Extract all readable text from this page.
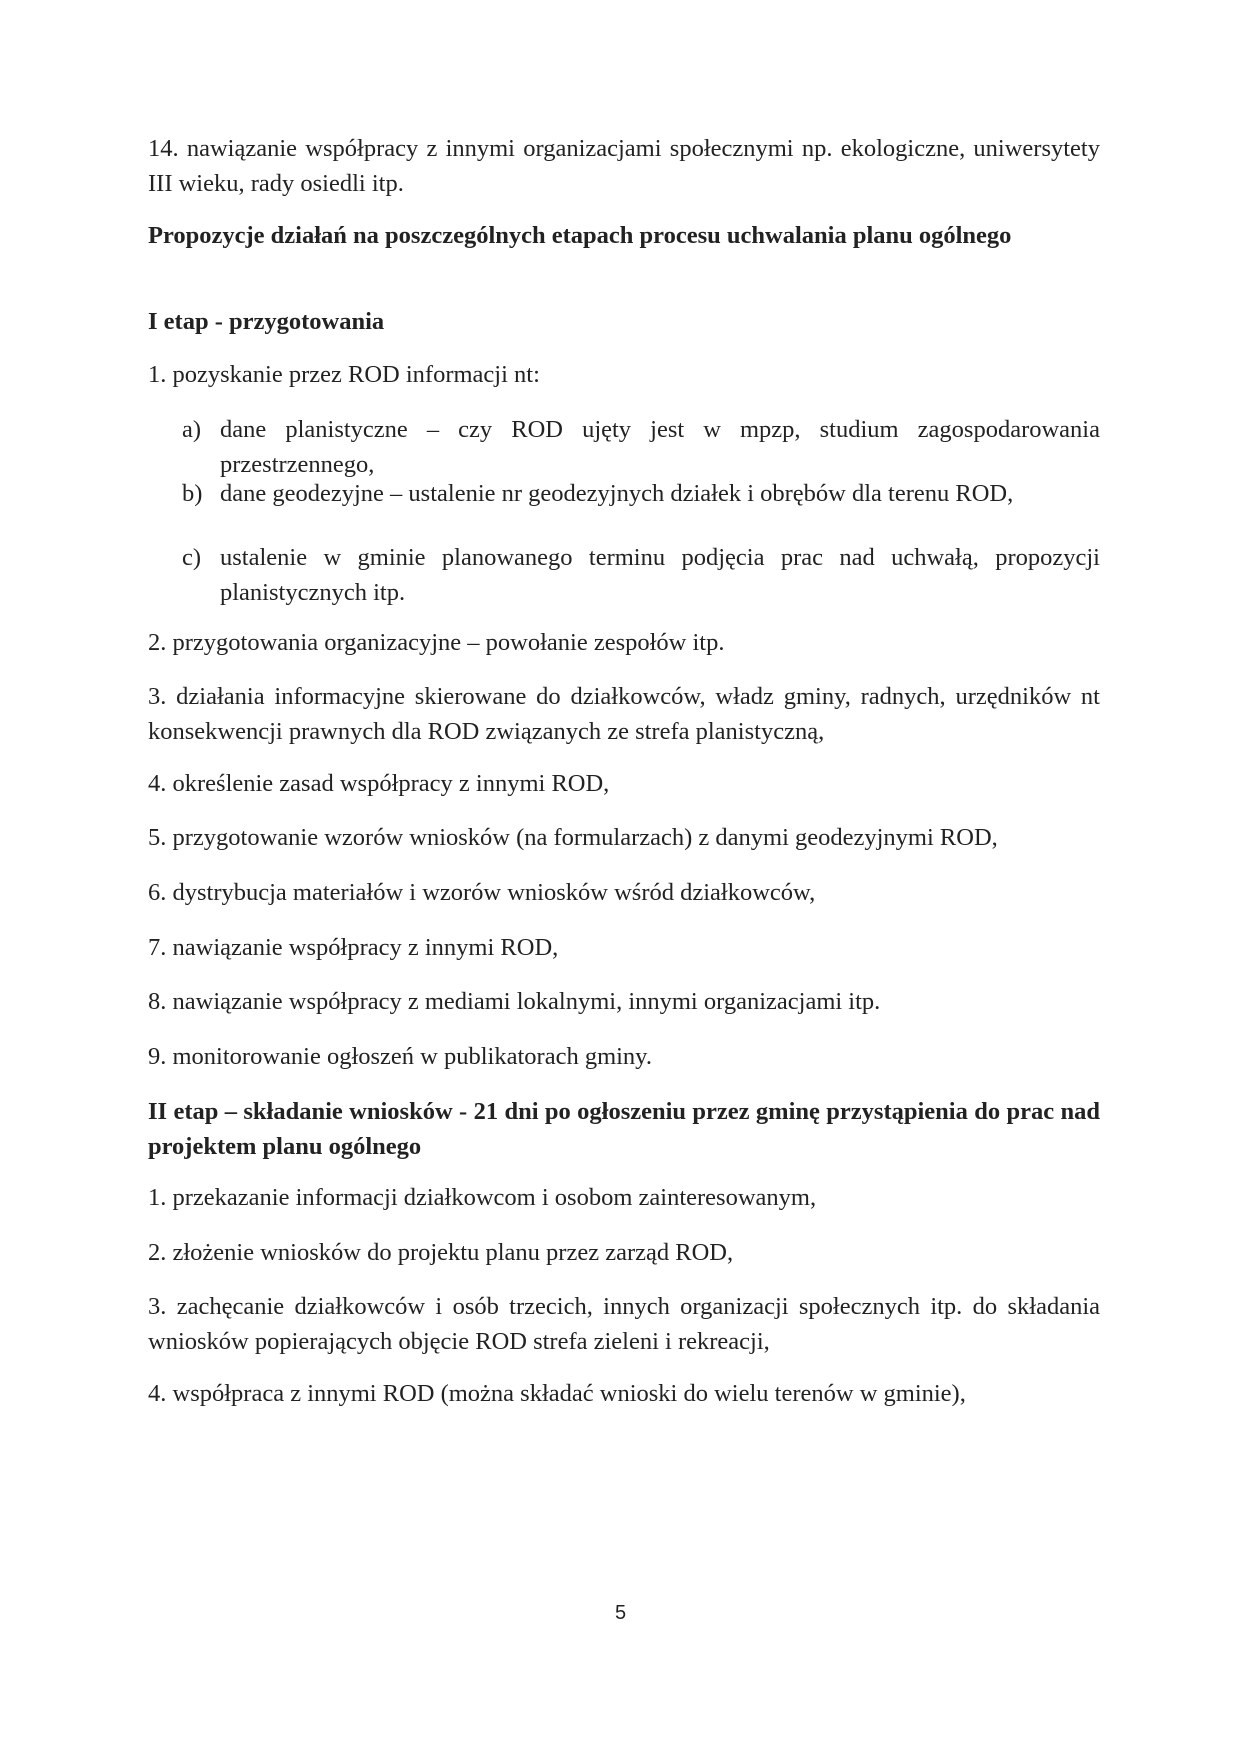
14. nawiązanie współpracy z innymi organizacjami społecznymi np. ekologiczne, uniwersytety III wieku, rady osiedli itp.

Propozycje działań na poszczególnych etapach procesu uchwalania planu ogólnego

I etap - przygotowania

1. pozyskanie przez ROD informacji nt:

a) dane planistyczne – czy ROD ujęty jest w mpzp, studium zagospodarowania przestrzennego,
b) dane geodezyjne – ustalenie nr geodezyjnych działek i obrębów dla terenu ROD,
c) ustalenie w gminie planowanego terminu podjęcia prac nad uchwałą, propozycji planistycznych itp.

2. przygotowania organizacyjne – powołanie zespołów itp.

3. działania informacyjne skierowane do działkowców, władz gminy, radnych, urzędników nt konsekwencji prawnych dla ROD związanych ze strefa planistyczną,

4. określenie zasad współpracy z innymi ROD,

5. przygotowanie wzorów wniosków (na formularzach) z danymi geodezyjnymi ROD,

6. dystrybucja materiałów i wzorów wniosków wśród działkowców,

7. nawiązanie współpracy z innymi ROD,

8. nawiązanie współpracy z mediami lokalnymi, innymi organizacjami itp.

9. monitorowanie ogłoszeń w publikatorach gminy.

II etap – składanie wniosków - 21 dni po ogłoszeniu przez gminę przystąpienia do prac nad projektem planu ogólnego

1. przekazanie informacji działkowcom i osobom zainteresowanym,

2. złożenie wniosków do projektu planu przez zarząd ROD,

3. zachęcanie działkowców i osób trzecich, innych organizacji społecznych itp. do składania wniosków popierających objęcie ROD strefa zieleni i rekreacji,

4. współpraca z innymi ROD (można składać wnioski do wielu terenów w gminie),

5
